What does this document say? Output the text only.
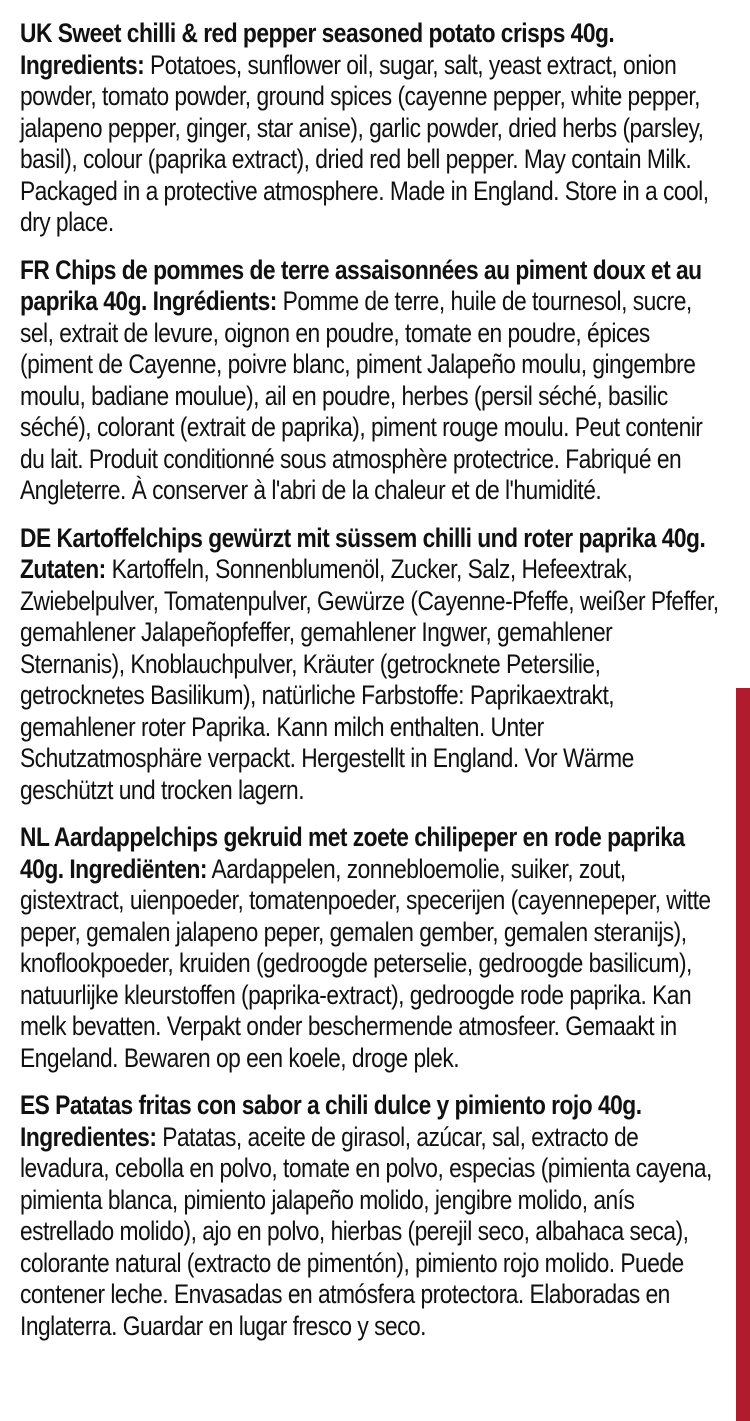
UK Sweet chilli & red pepper seasoned potato crisps 40g. Ingredients: Potatoes, sunflower oil, sugar, salt, yeast extract, onion powder, tomato powder, ground spices (cayenne pepper, white pepper, jalapeno pepper, ginger, star anise), garlic powder, dried herbs (parsley, basil), colour (paprika extract), dried red bell pepper. May contain Milk. Packaged in a protective atmosphere. Made in England. Store in a cool, dry place.

FR Chips de pommes de terre assaisonnées au piment doux et au paprika 40g. Ingrédients: Pomme de terre, huile de tournesol, sucre, sel, extrait de levure, oignon en poudre, tomate en poudre, épices (piment de Cayenne, poivre blanc, piment Jalapeño moulu, gingembre moulu, badiane moulue), ail en poudre, herbes (persil séché, basilic séché), colorant (extrait de paprika), piment rouge moulu. Peut contenir du lait. Produit conditionné sous atmosphère protectrice. Fabriqué en Angleterre. À conserver à l'abri de la chaleur et de l'humidité.

DE Kartoffelchips gewürzt mit süssem chilli und roter paprika 40g. Zutaten: Kartoffeln, Sonnenblumenöl, Zucker, Salz, Hefeextrak, Zwiebelpulver, Tomatenpulver, Gewürze (Cayenne-Pfeffe, weißer Pfeffer, gemahlener Jalapeñopfeffer, gemahlener Ingwer, gemahlener Sternanis), Knoblauchpulver, Kräuter (getrocknete Petersilie, getrocknetes Basilikum), natürliche Farbstoffe: Paprikaextrakt, gemahlener roter Paprika. Kann milch enthalten. Unter Schutzatmosphäre verpackt. Hergestellt in England. Vor Wärme geschützt und trocken lagern.

NL Aardappelchips gekruid met zoete chilipeper en rode paprika 40g. Ingrediënten: Aardappelen, zonnebloemolie, suiker, zout, gistextract, uienpoeder, tomatenpoeder, specerijen (cayennepeper, witte peper, gemalen jalapeno peper, gemalen gember, gemalen steranijs), knoflookpoeder, kruiden (gedroogde peterselie, gedroogde basilicum), natuurlijke kleurstoffen (paprika-extract), gedroogde rode paprika. Kan melk bevatten. Verpakt onder beschermende atmosfeer. Gemaakt in Engeland. Bewaren op een koele, droge plek.

ES Patatas fritas con sabor a chili dulce y pimiento rojo 40g. Ingredientes: Patatas, aceite de girasol, azúcar, sal, extracto de levadura, cebolla en polvo, tomate en polvo, especias (pimienta cayena, pimienta blanca, pimiento jalapeño molido, jengibre molido, anís estrellado molido), ajo en polvo, hierbas (perejil seco, albahaca seca), colorante natural (extracto de pimentón), pimiento rojo molido. Puede contener leche. Envasadas en atmósfera protectora. Elaboradas en Inglaterra. Guardar en lugar fresco y seco.
